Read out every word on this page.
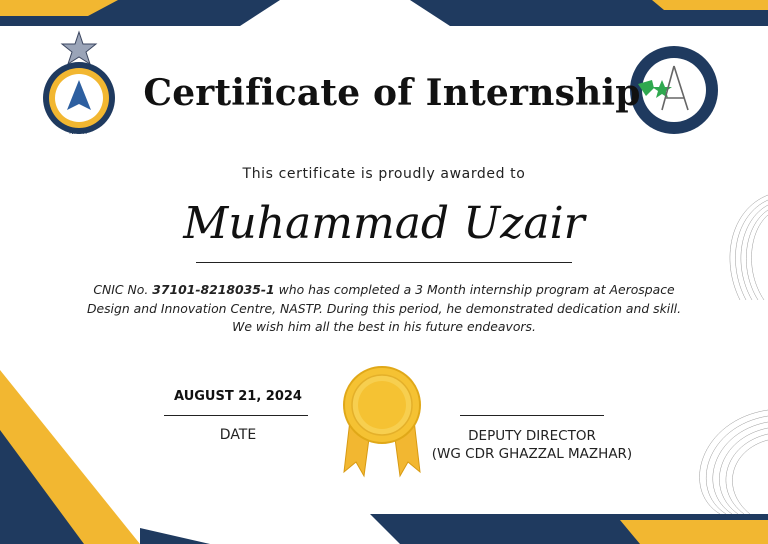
NASTP
Certificate of Internship
This certificate is proudly awarded to
Muhammad Uzair
CNIC No. 37101-8218035-1 who has completed a 3 Month internship program at Aerospace Design and Innovation Centre, NASTP. During this period, he demonstrated dedication and skill. We wish him all the best in his future endeavors.
AUGUST 21, 2024
DATE	DEPUTY DIRECTOR
(WG CDR GHAZZAL MAZHAR)
